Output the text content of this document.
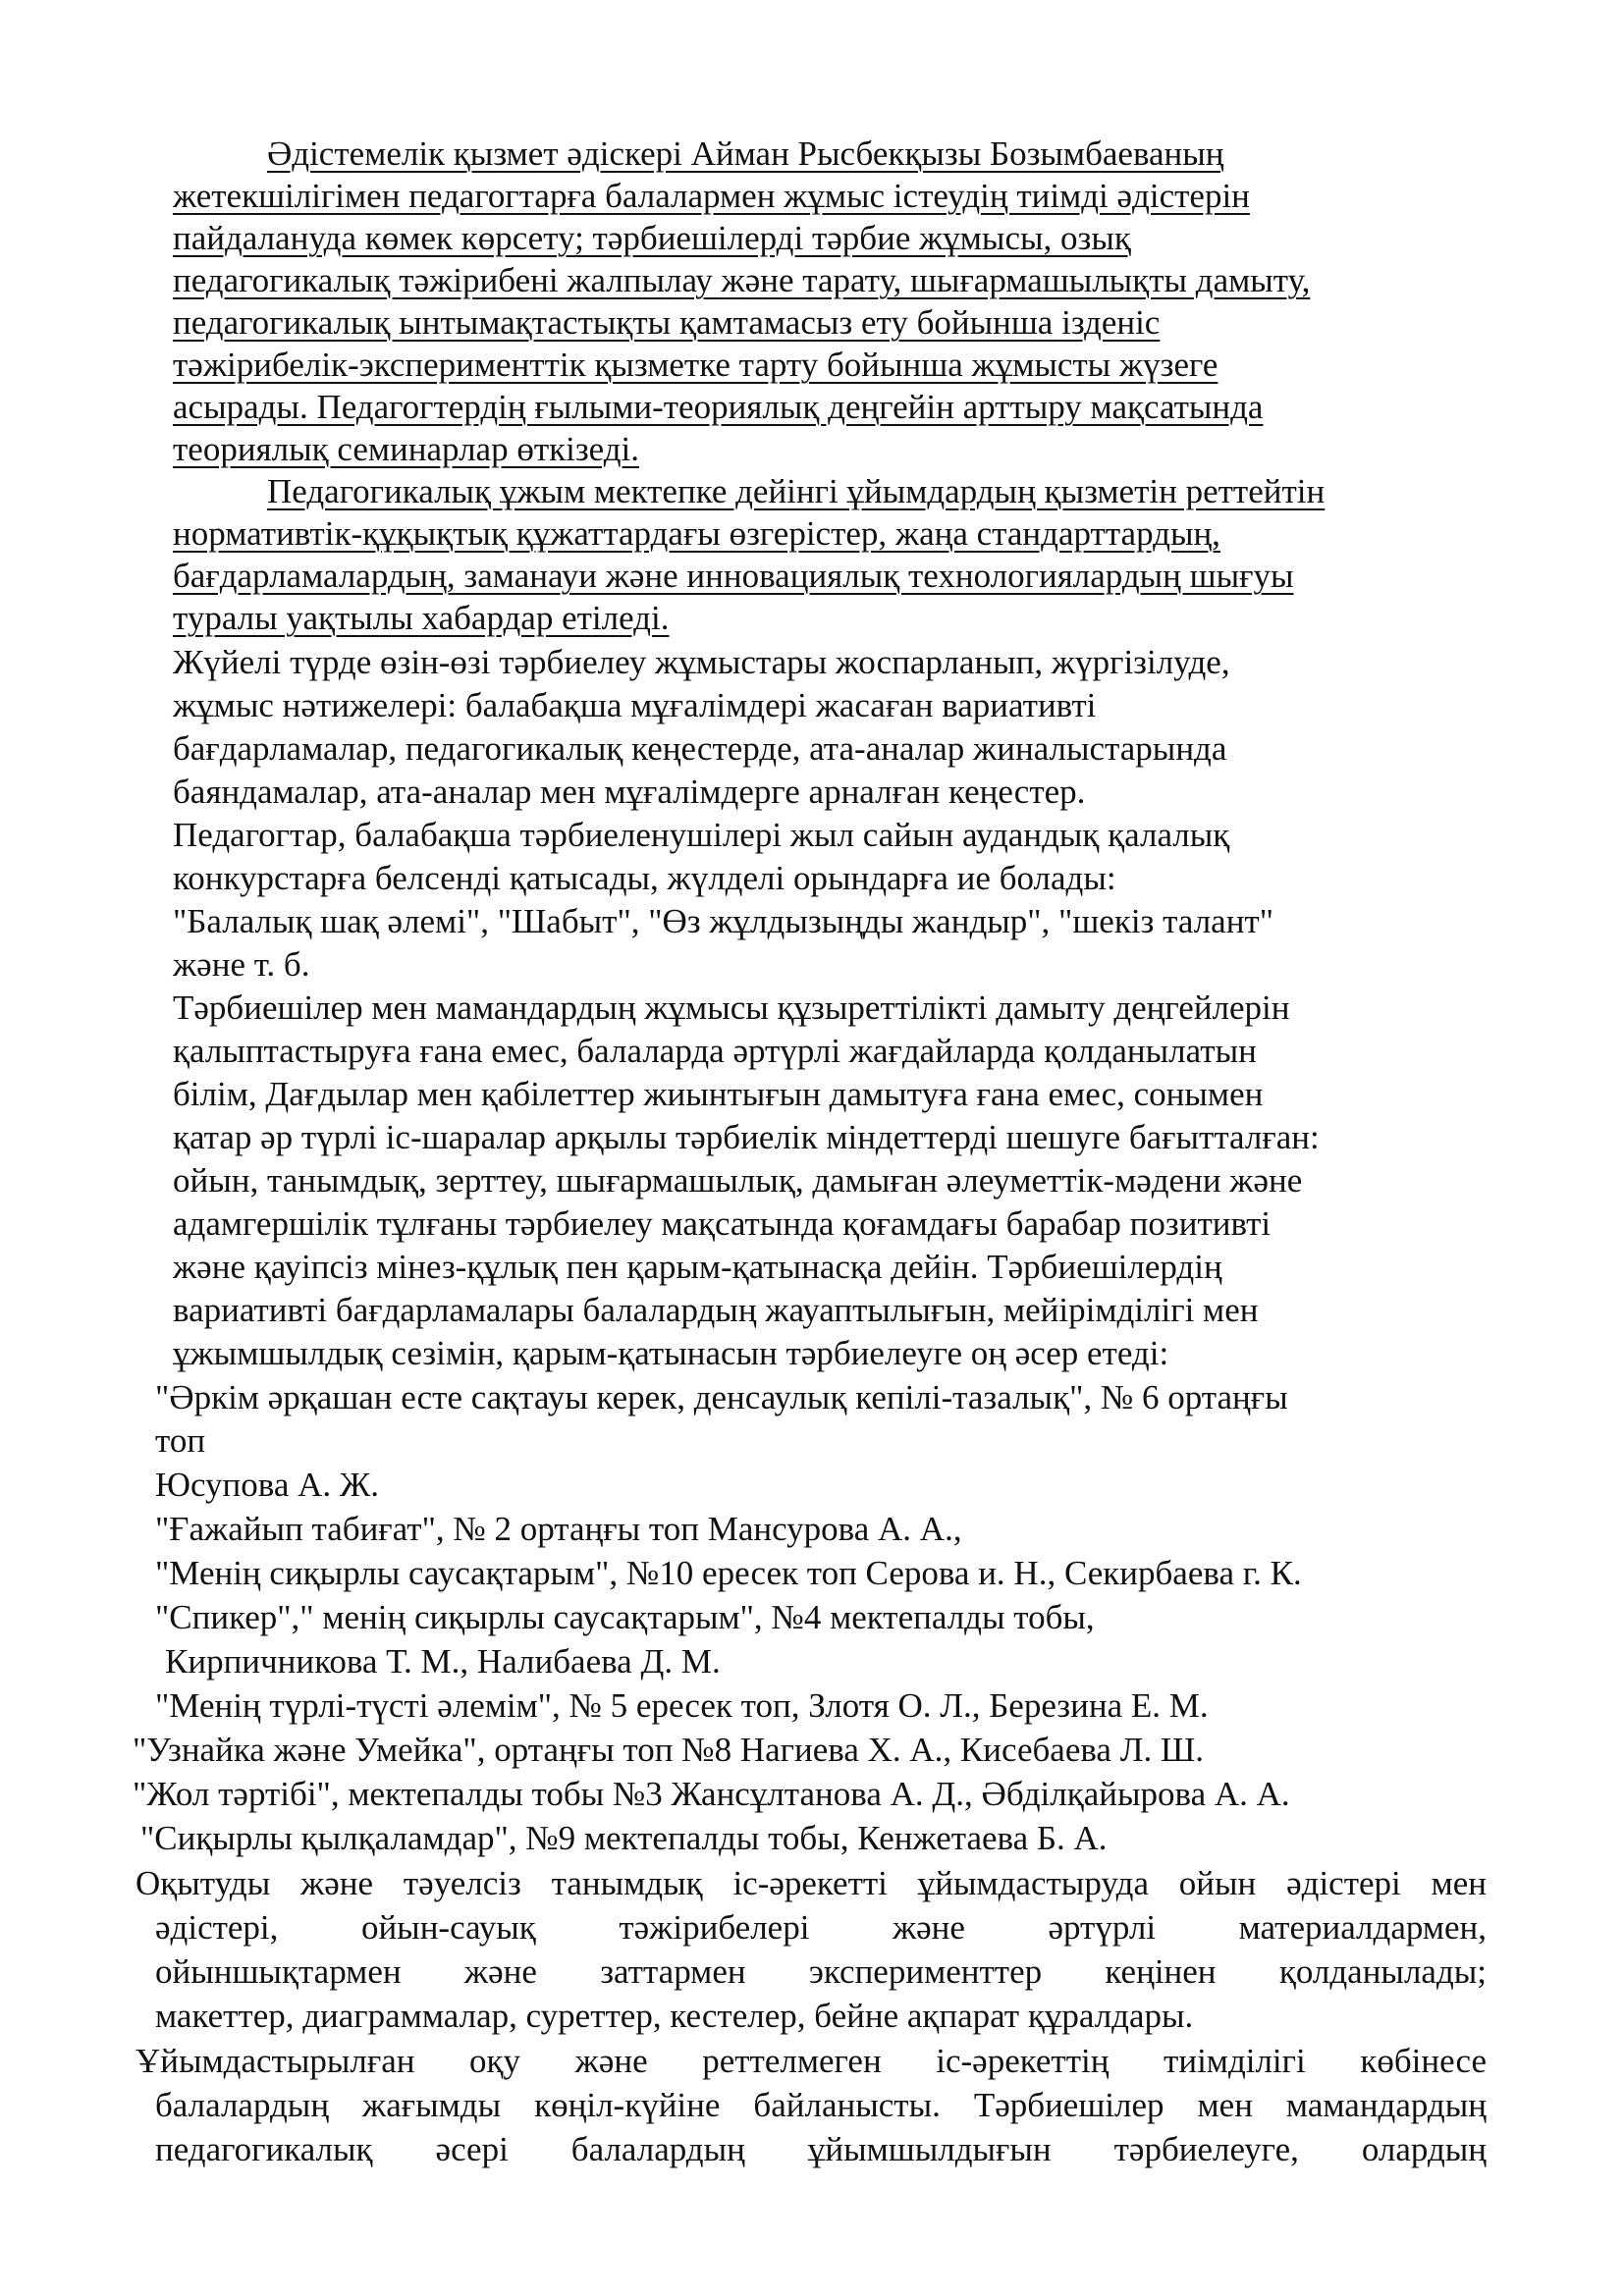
Әдістемелік қызмет әдіскері Айман Рысбекқызы Бозымбаеваның
жетекшілігімен педагогтарға балалармен жұмыс істеудің тиімді әдістерін
пайдалануда көмек көрсету; тәрбиешілерді тәрбие жұмысы, озық
педагогикалық тәжірибені жалпылау және тарату, шығармашылықты дамыту,
педагогикалық ынтымақтастықты қамтамасыз ету бойынша ізденіс
тәжірибелік-эксперименттік қызметке тарту бойынша жұмысты жүзеге
асырады. Педагогтердің ғылыми-теориялық деңгейін арттыру мақсатында
теориялық семинарлар өткізеді.
Педагогикалық ұжым мектепке дейінгі ұйымдардың қызметін реттейтін
нормативтік-құқықтық құжаттардағы өзгерістер, жаңа стандарттардың,
бағдарламалардың, заманауи және инновациялық технологиялардың шығуы
туралы уақтылы хабардар етіледі.
Жүйелі түрде өзін-өзі тәрбиелеу жұмыстары жоспарланып, жүргізілуде,
жұмыс нәтижелері: балабақша мұғалімдері жасаған вариативті
бағдарламалар, педагогикалық кеңестерде, ата-аналар жиналыстарында
баяндамалар, ата-аналар мен мұғалімдерге арналған кеңестер.
Педагогтар, балабақша тәрбиеленушілері жыл сайын аудандық қалалық
конкурстарға белсенді қатысады, жүлделі орындарға ие болады:
"Балалық шақ әлемі", "Шабыт", "Өз жұлдызыңды жандыр", "шекіз талант"
және т. б.
Тәрбиешілер мен мамандардың жұмысы құзыреттілікті дамыту деңгейлерін
қалыптастыруға ғана емес, балаларда әртүрлі жағдайларда қолданылатын
білім, Дағдылар мен қабілеттер жиынтығын дамытуға ғана емес, сонымен
қатар әр түрлі іс-шаралар арқылы тәрбиелік міндеттерді шешуге бағытталған:
ойын, танымдық, зерттеу, шығармашылық, дамыған әлеуметтік-мәдени және
адамгершілік тұлғаны тәрбиелеу мақсатында қоғамдағы барабар позитивті
және қауіпсіз мінез-құлық пен қарым-қатынасқа дейін. Тәрбиешілердің
вариативті бағдарламалары балалардың жауаптылығын, мейірімділігі мен
ұжымшылдық сезімін, қарым-қатынасын тәрбиелеуге оң әсер етеді:
"Әркім әрқашан есте сақтауы керек, денсаулық кепілі-тазалық", № 6 ортаңғы
топ
Юсупова А. Ж.
"Ғажайып табиғат", № 2 ортаңғы топ Мансурова А. А.,
"Менің сиқырлы саусақтарым", №10 ересек топ Серова и. Н., Секирбаева г. К.
"Спикер"," менің сиқырлы саусақтарым", №4 мектепалды тобы,
Кирпичникова Т. М., Налибаева Д. М.
"Менің түрлі-түсті әлемім", № 5 ересек топ, Злотя О. Л., Березина Е. М.
"Узнайка және Умейка", ортаңғы топ №8 Нагиева Х. А., Кисебаева Л. Ш.
"Жол тәртібі", мектепалды тобы №3 Жансұлтанова А. Д., Әбділқайырова А. А.
"Сиқырлы қылқаламдар", №9 мектепалды тобы, Кенжетаева Б. А.
Оқытуды және тәуелсіз танымдық іс-әрекетті ұйымдастыруда ойын әдістері мен
әдістері, ойын-сауық тәжірибелері және әртүрлі материалдармен,
ойыншықтармен және заттармен эксперименттер кеңінен қолданылады;
макеттер, диаграммалар, суреттер, кестелер, бейне ақпарат құралдары.
Ұйымдастырылған оқу және реттелмеген іс-әрекеттің тиімділігі көбінесе
балалардың жағымды көңіл-күйіне байланысты. Тәрбиешілер мен мамандардың
педагогикалық әсері балалардың ұйымшылдығын тәрбиелеуге, олардың
